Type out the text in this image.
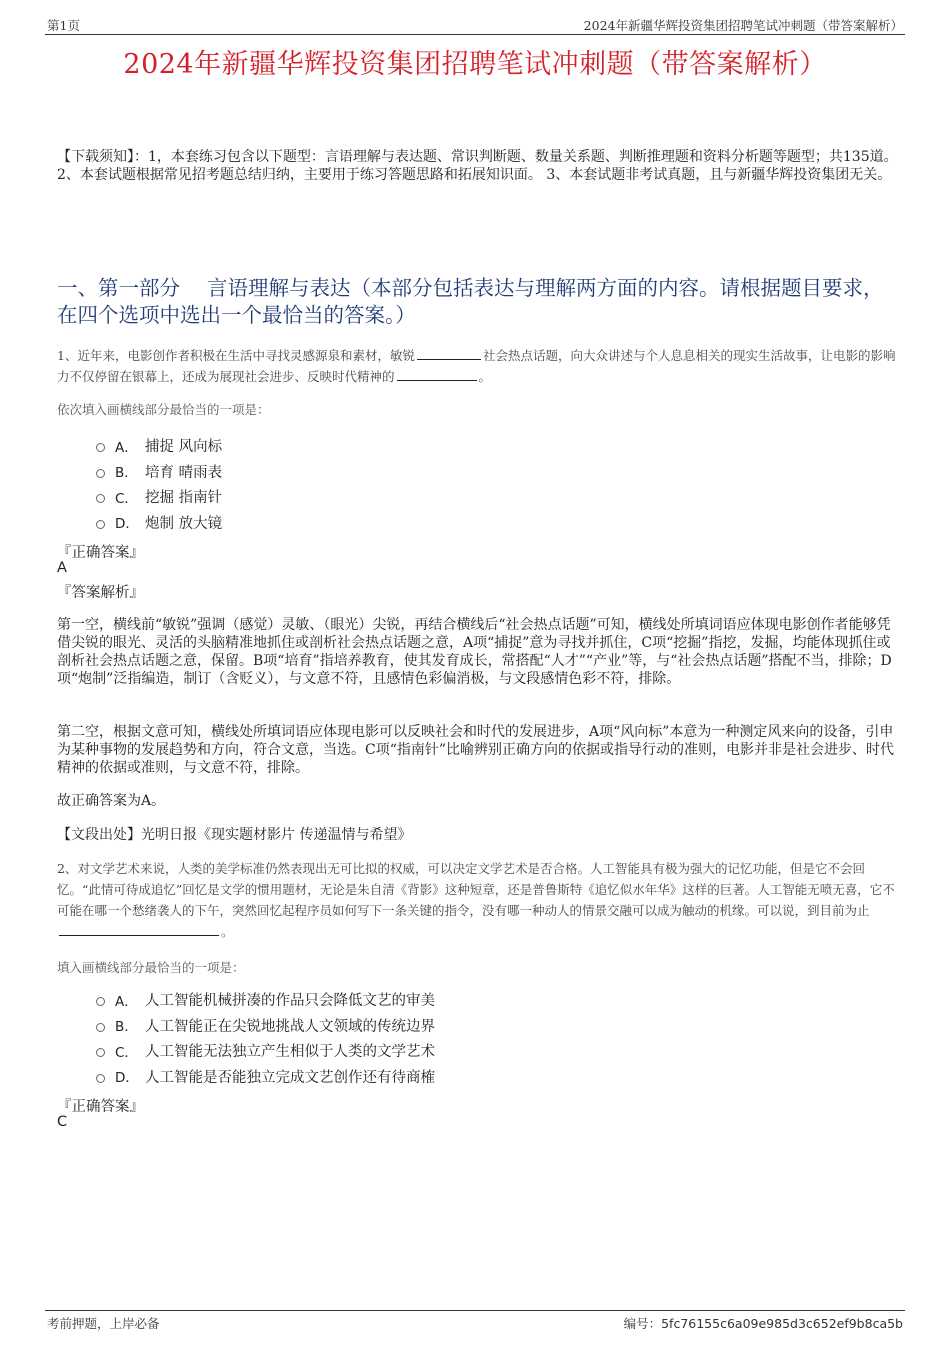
第1页	2024年新疆华辉投资集团招聘笔试冲刺题（带答案解析）
2024年新疆华辉投资集团招聘笔试冲刺题（带答案解析）
【下载须知】：1，本套练习包含以下题型：言语理解与表达题、常识判断题、数量关系题、判断推理题和资料分析题等题型；共135道。 2、本套试题根据常见招考题总结归纳，主要用于练习答题思路和拓展知识面。 3、本套试题非考试真题，且与新疆华辉投资集团无关。
一、第一部分　 言语理解与表达（本部分包括表达与理解两方面的内容。请根据题目要求，在四个选项中选出一个最恰当的答案。）
1、近年来，电影创作者积极在生活中寻找灵感源泉和素材，敏锐	社会热点话题，向大众讲述与个人息息相关的现实生活故事，让电影的影响力不仅停留在银幕上，还成为展现社会进步、反映时代精神的	。
依次填入画横线部分最恰当的一项是：
A． 捕捉 风向标
B． 培育 晴雨表
C． 挖掘 指南针
D． 炮制 放大镜
『正确答案』
A
『答案解析』
第一空，横线前“敏锐”强调（感觉）灵敏、（眼光）尖锐，再结合横线后“社会热点话题”可知，横线处所填词语应体现电影创作者能够凭借尖锐的眼光、灵活的头脑精准地抓住或剖析社会热点话题之意，A项“捕捉”意为寻找并抓住，C项“挖掘”指挖，发掘，均能体现抓住或剖析社会热点话题之意，保留。B项“培育”指培养教育，使其发育成长，常搭配“人才”“产业”等，与“社会热点话题”搭配不当，排除；D项“炮制”泛指编造，制订（含贬义），与文意不符，且感情色彩偏消极，与文段感情色彩不符，排除。
第二空，根据文意可知，横线处所填词语应体现电影可以反映社会和时代的发展进步，A项“风向标”本意为一种测定风来向的设备，引申为某种事物的发展趋势和方向，符合文意，当选。C项“指南针”比喻辨别正确方向的依据或指导行动的准则，电影并非是社会进步、时代精神的依据或准则，与文意不符，排除。
故正确答案为A。
【文段出处】光明日报《现实题材影片 传递温情与希望》
2、对文学艺术来说，人类的美学标准仍然表现出无可比拟的权威，可以决定文学艺术是否合格。人工智能具有极为强大的记忆功能，但是它不会回忆。“此情可待成追忆”回忆是文学的惯用题材，无论是朱自清《背影》这种短章，还是普鲁斯特《追忆似水年华》这样的巨著。人工智能无喷无喜，它不可能在哪一个愁绪袭人的下午，突然回忆起程序员如何写下一条关键的指令，没有哪一种动人的情景交融可以成为触动的机缘。可以说，到目前为止。
填入画横线部分最恰当的一项是：
A． 人工智能机械拼凑的作品只会降低文艺的审美
B． 人工智能正在尖锐地挑战人文领域的传统边界
C． 人工智能无法独立产生相似于人类的文学艺术
D． 人工智能是否能独立完成文艺创作还有待商榷
『正确答案』
C
考前押题，上岸必备	编号：5fc76155c6a09e985d3c652ef9b8ca5b
